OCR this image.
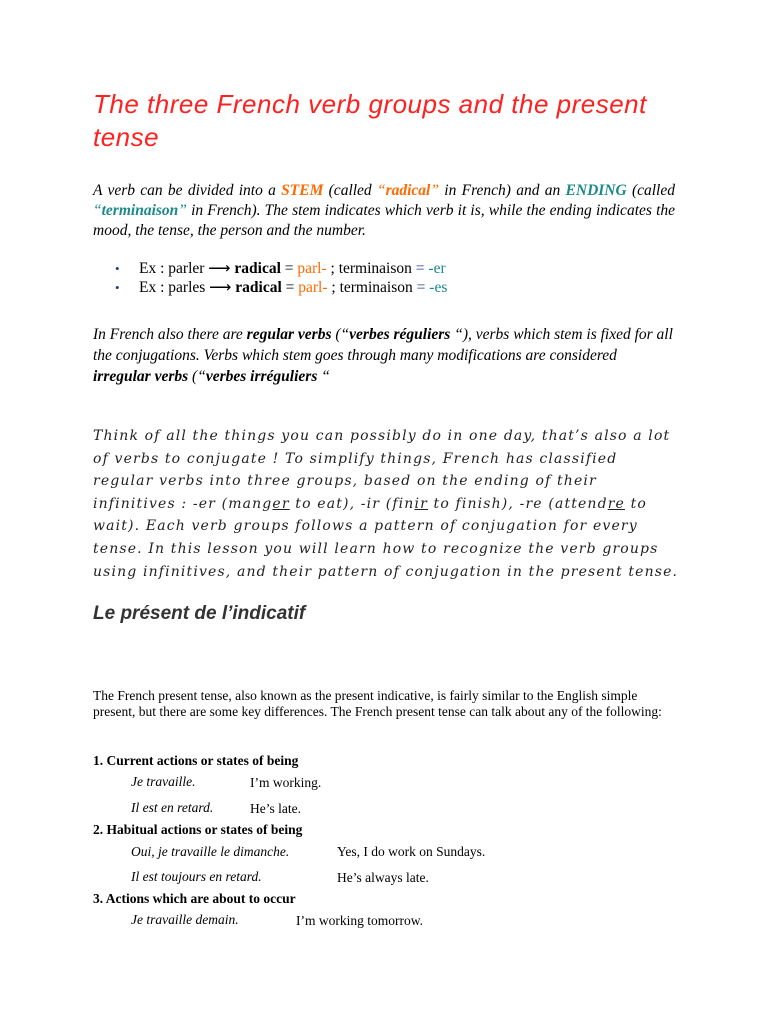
The three French verb groups and the present tense

A verb can be divided into a STEM (called “radical” in French) and an ENDING (called “terminaison” in French). The stem indicates which verb it is, while the ending indicates the mood, the tense, the person and the number.

• Ex : parler ⟶ radical = parl- ; terminaison = -er
• Ex : parles ⟶ radical = parl- ; terminaison = -es

In French also there are regular verbs (“verbes réguliers “), verbs which stem is fixed for all the conjugations. Verbs which stem goes through many modifications are considered irregular verbs (“verbes irréguliers “

Think of all the things you can possibly do in one day, that’s also a lot of verbs to conjugate ! To simplify things, French has classified regular verbs into three groups, based on the ending of their infinitives : -er (manger to eat), -ir (finir to finish), -re (attendre to wait). Each verb groups follows a pattern of conjugation for every tense. In this lesson you will learn how to recognize the verb groups using infinitives, and their pattern of conjugation in the present tense.

Le présent de l’indicatif

The French present tense, also known as the present indicative, is fairly similar to the English simple present, but there are some key differences. The French present tense can talk about any of the following:

1. Current actions or states of being
Je travaille.	I’m working.
Il est en retard.	He’s late.
2. Habitual actions or states of being
Oui, je travaille le dimanche.	Yes, I do work on Sundays.
Il est toujours en retard.	He’s always late.
3. Actions which are about to occur
Je travaille demain.	I’m working tomorrow.
